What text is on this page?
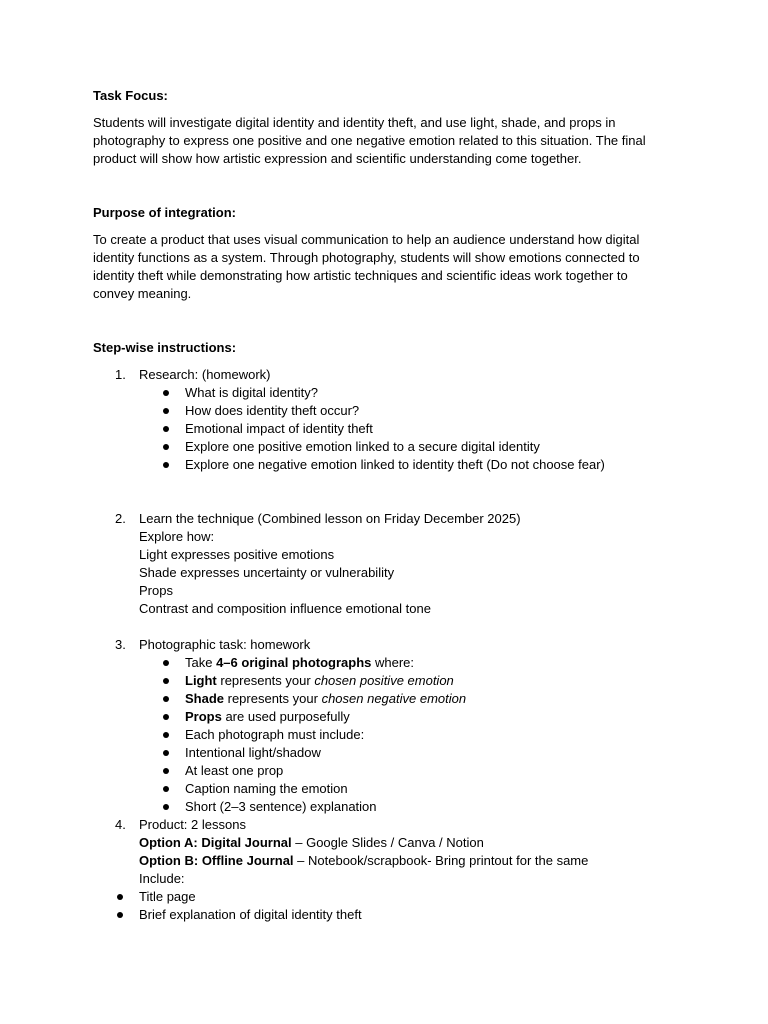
Task Focus:

Students will investigate digital identity and identity theft, and use light, shade, and props in photography to express one positive and one negative emotion related to this situation. The final product will show how artistic expression and scientific understanding come together.

Purpose of integration:

To create a product that uses visual communication to help an audience understand how digital identity functions as a system. Through photography, students will show emotions connected to identity theft while demonstrating how artistic techniques and scientific ideas work together to convey meaning.

Step-wise instructions:

1. Research: (homework)
What is digital identity?
How does identity theft occur?
Emotional impact of identity theft
Explore one positive emotion linked to a secure digital identity
Explore one negative emotion linked to identity theft (Do not choose fear)
2. Learn the technique (Combined lesson on Friday December 2025)
Explore how:
Light expresses positive emotions
Shade expresses uncertainty or vulnerability
Props
Contrast and composition influence emotional tone
3. Photographic task: homework
Take 4–6 original photographs where:
Light represents your chosen positive emotion
Shade represents your chosen negative emotion
Props are used purposefully
Each photograph must include:
Intentional light/shadow
At least one prop
Caption naming the emotion
Short (2–3 sentence) explanation
4. Product: 2 lessons
Option A: Digital Journal – Google Slides / Canva / Notion
Option B: Offline Journal – Notebook/scrapbook- Bring printout for the same
Include:
Title page
Brief explanation of digital identity theft
